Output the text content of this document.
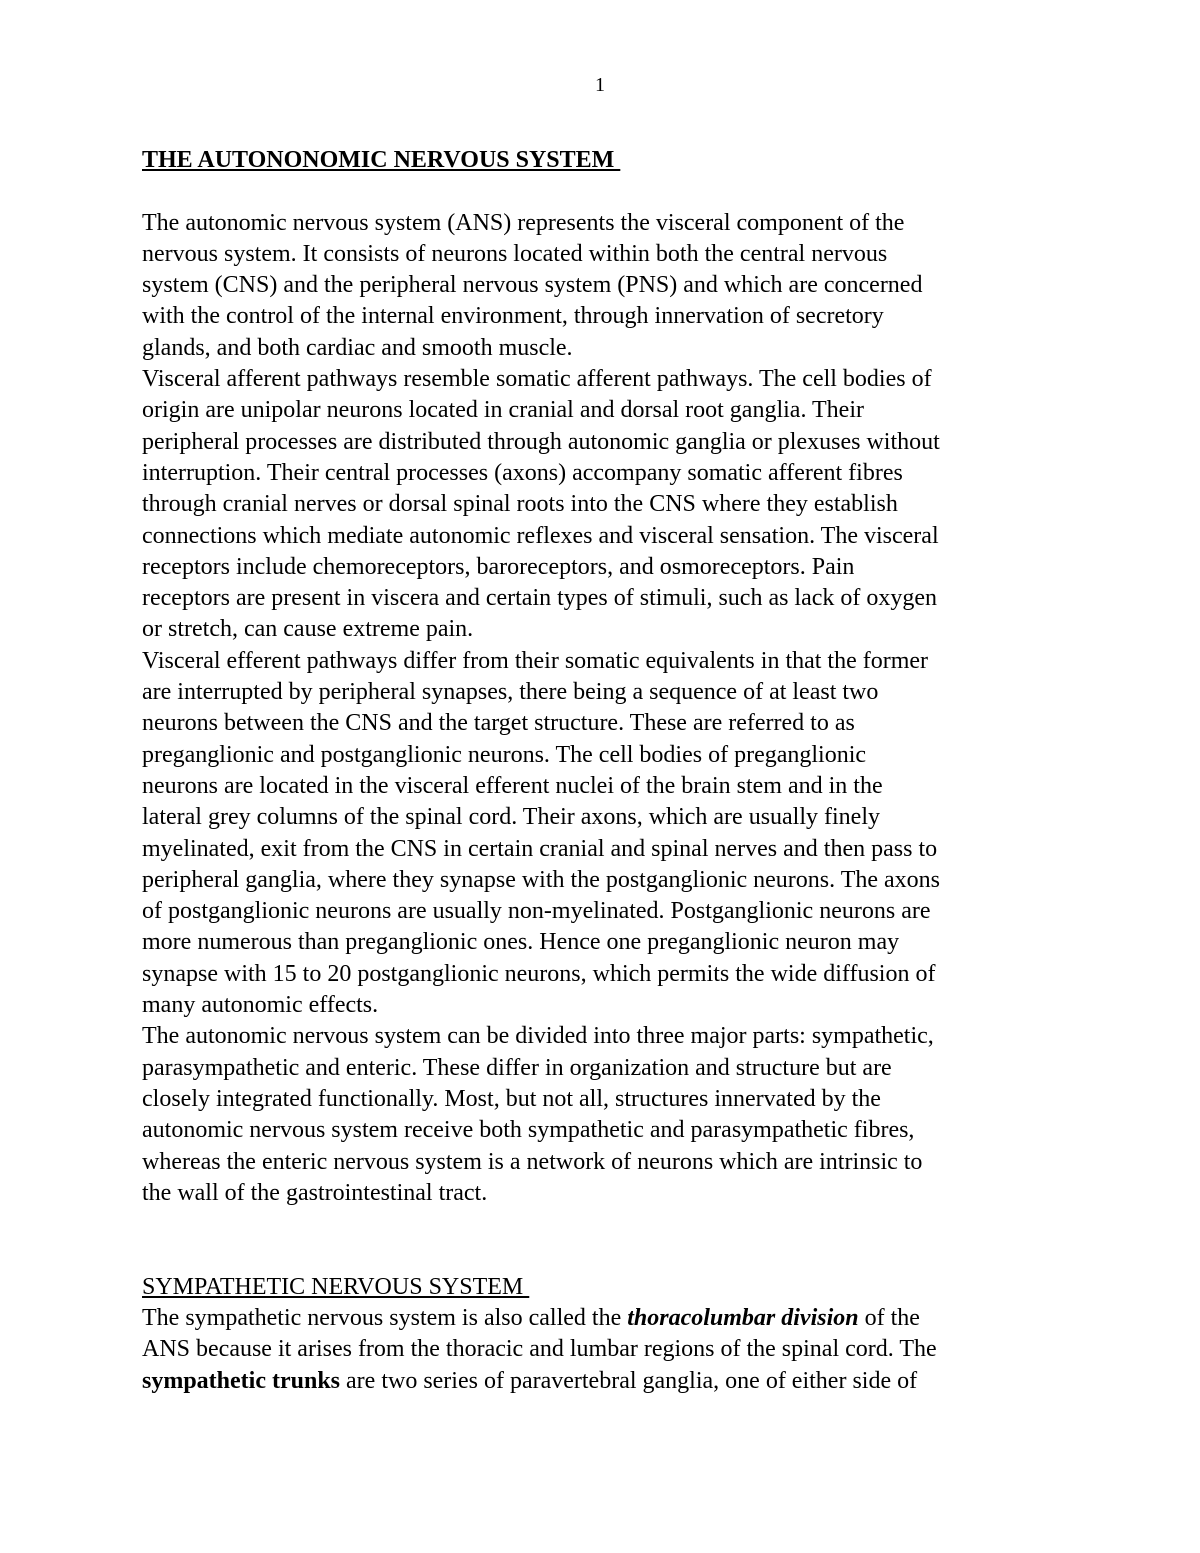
1
THE AUTONONOMIC NERVOUS SYSTEM
The autonomic nervous system (ANS) represents the visceral component of the
nervous system. It consists of neurons located within both the central nervous
system (CNS) and the peripheral nervous system (PNS) and which are concerned
with the control of the internal environment, through innervation of secretory
glands, and both cardiac and smooth muscle.
Visceral afferent pathways resemble somatic afferent pathways. The cell bodies of
origin are unipolar neurons located in cranial and dorsal root ganglia. Their
peripheral processes are distributed through autonomic ganglia or plexuses without
interruption. Their central processes (axons) accompany somatic afferent fibres
through cranial nerves or dorsal spinal roots into the CNS where they establish
connections which mediate autonomic reflexes and visceral sensation. The visceral
receptors include chemoreceptors, baroreceptors, and osmoreceptors. Pain
receptors are present in viscera and certain types of stimuli, such as lack of oxygen
or stretch, can cause extreme pain.
Visceral efferent pathways differ from their somatic equivalents in that the former
are interrupted by peripheral synapses, there being a sequence of at least two
neurons between the CNS and the target structure. These are referred to as
preganglionic and postganglionic neurons. The cell bodies of preganglionic
neurons are located in the visceral efferent nuclei of the brain stem and in the
lateral grey columns of the spinal cord. Their axons, which are usually finely
myelinated, exit from the CNS in certain cranial and spinal nerves and then pass to
peripheral ganglia, where they synapse with the postganglionic neurons. The axons
of postganglionic neurons are usually non-myelinated. Postganglionic neurons are
more numerous than preganglionic ones. Hence one preganglionic neuron may
synapse with 15 to 20 postganglionic neurons, which permits the wide diffusion of
many autonomic effects.
The autonomic nervous system can be divided into three major parts: sympathetic,
parasympathetic and enteric. These differ in organization and structure but are
closely integrated functionally. Most, but not all, structures innervated by the
autonomic nervous system receive both sympathetic and parasympathetic fibres,
whereas the enteric nervous system is a network of neurons which are intrinsic to
the wall of the gastrointestinal tract.
SYMPATHETIC NERVOUS SYSTEM
The sympathetic nervous system is also called the thoracolumbar division of the
ANS because it arises from the thoracic and lumbar regions of the spinal cord. The
sympathetic trunks are two series of paravertebral ganglia, one of either side of
